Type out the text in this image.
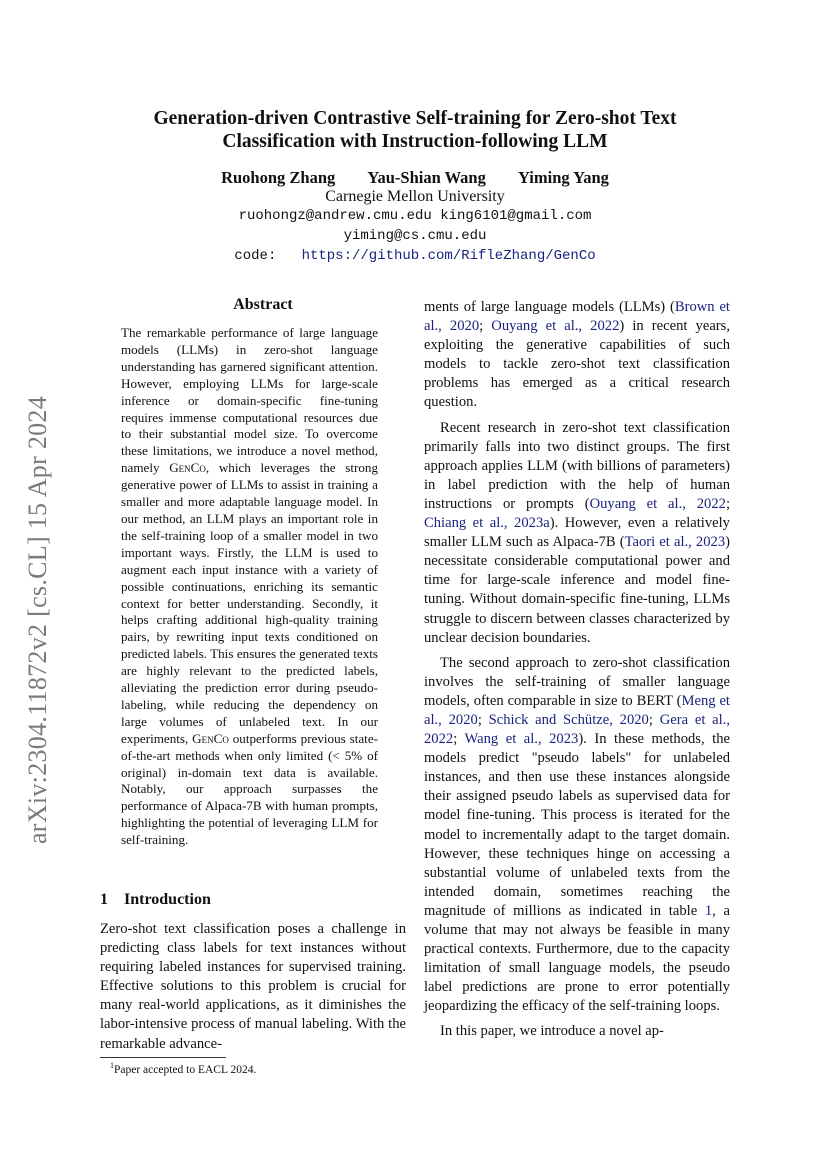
arXiv:2304.11872v2 [cs.CL] 15 Apr 2024
Generation-driven Contrastive Self-training for Zero-shot Text
Classification with Instruction-following LLM
Ruohong Zhang Yau-Shian Wang Yiming Yang
Carnegie Mellon University
ruohongz@andrew.cmu.edu king6101@gmail.com
yiming@cs.cmu.edu
code: https://github.com/RifleZhang/GenCo
Abstract

The remarkable performance of large language models (LLMs) in zero-shot language understanding has garnered significant attention. However, employing LLMs for large-scale inference or domain-specific fine-tuning requires immense computational resources due to their substantial model size. To overcome these limitations, we introduce a novel method, namely GenCo, which leverages the strong generative power of LLMs to assist in training a smaller and more adaptable language model. In our method, an LLM plays an important role in the self-training loop of a smaller model in two important ways. Firstly, the LLM is used to augment each input instance with a variety of possible continuations, enriching its semantic context for better understanding. Secondly, it helps crafting additional high-quality training pairs, by rewriting input texts conditioned on predicted labels. This ensures the generated texts are highly relevant to the predicted labels, alleviating the prediction error during pseudo-labeling, while reducing the dependency on large volumes of unlabeled text. In our experiments, GenCo outperforms previous state-of-the-art methods when only limited (< 5% of original) in-domain text data is available. Notably, our approach surpasses the performance of Alpaca-7B with human prompts, highlighting the potential of leveraging LLM for self-training.

1 Introduction

Zero-shot text classification poses a challenge in predicting class labels for text instances without requiring labeled instances for supervised training. Effective solutions to this problem is crucial for many real-world applications, as it diminishes the labor-intensive process of manual labeling. With the remarkable advance-

ments of large language models (LLMs) (Brown et al., 2020; Ouyang et al., 2022) in recent years, exploiting the generative capabilities of such models to tackle zero-shot text classification problems has emerged as a critical research question.

Recent research in zero-shot text classification primarily falls into two distinct groups. The first approach applies LLM (with billions of parameters) in label prediction with the help of human instructions or prompts (Ouyang et al., 2022; Chiang et al., 2023a). However, even a relatively smaller LLM such as Alpaca-7B (Taori et al., 2023) necessitate considerable computational power and time for large-scale inference and model fine-tuning. Without domain-specific fine-tuning, LLMs struggle to discern between classes characterized by unclear decision boundaries.

The second approach to zero-shot classification involves the self-training of smaller language models, often comparable in size to BERT (Meng et al., 2020; Schick and Schütze, 2020; Gera et al., 2022; Wang et al., 2023). In these methods, the models predict "pseudo labels" for unlabeled instances, and then use these instances alongside their assigned pseudo labels as supervised data for model fine-tuning. This process is iterated for the model to incrementally adapt to the target domain. However, these techniques hinge on accessing a substantial volume of unlabeled texts from the intended domain, sometimes reaching the magnitude of millions as indicated in table 1, a volume that may not always be feasible in many practical contexts. Furthermore, due to the capacity limitation of small language models, the pseudo label predictions are prone to error potentially jeopardizing the efficacy of the self-training loops.

In this paper, we introduce a novel ap-

$^1$Paper accepted to EACL 2024.
